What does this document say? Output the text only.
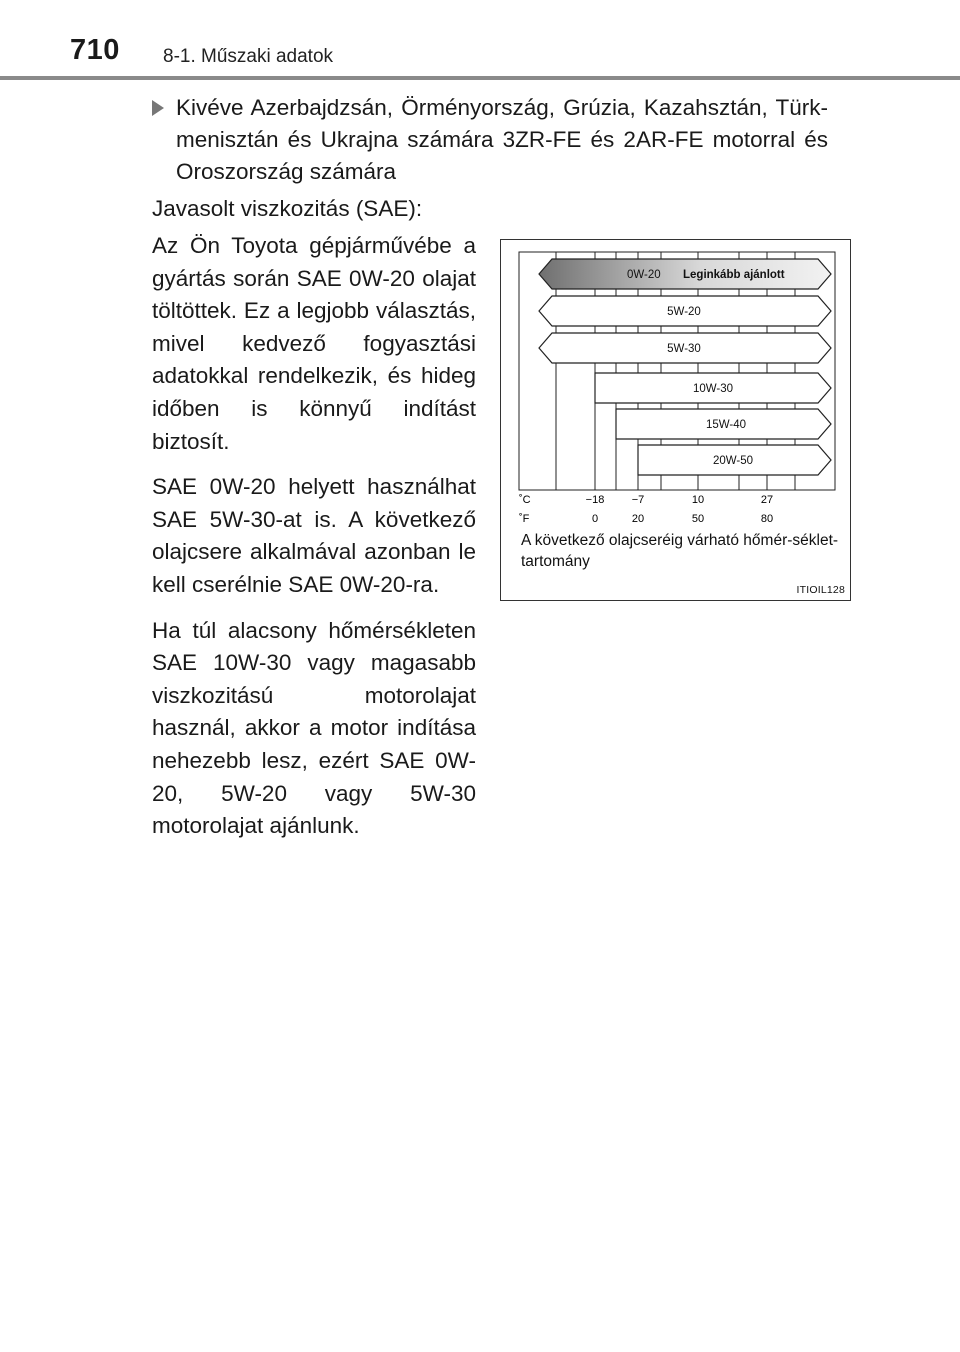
710 8-1. Műszaki adatok
Kivéve Azerbajdzsán, Örményország, Grúzia, Kazahsztán, Türk-menisztán és Ukrajna számára 3ZR-FE és 2AR-FE motorral és Oroszország számára
Javasolt viszkozitás (SAE):

Az Ön Toyota gépjárművébe a gyártás során SAE 0W-20 olajat töltöttek. Ez a legjobb választás, mivel kedvező fogyasztási adatokkal rendelkezik, és hideg időben is könnyű indítást biztosít.

SAE 0W-20 helyett használhat SAE 5W-30-at is. A következő olajcsere alkalmával azonban le kell cserélnie SAE 0W-20-ra.

Ha túl alacsony hőmérsékleten SAE 10W-30 vagy magasabb viszkozitású motorolajat használ, akkor a motor indítása nehezebb lesz, ezért SAE 0W-20, 5W-20 vagy 5W-30 motorolajat ajánlunk.

0W-20 Leginkább ajánlott
5W-20
5W-30
10W-30
15W-40
20W-50
˚C
˚F
−18 −7	10	27
0	20	50	80
A következő olajcseréig várható hőmér-séklet-tartomány
ITIOIL128
